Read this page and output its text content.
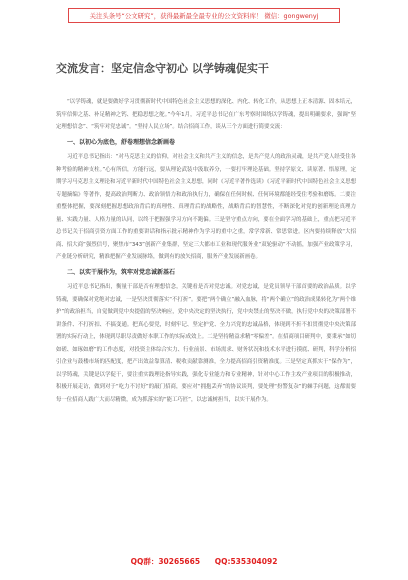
关注头条号“公文研究”，获得最新最全最专业的公文资料库！ 微信：gongwenyj
交流发言：坚定信念守初心 以学铸魂促实干

“以学铸魂，就是要做好学习贯彻新时代中国特色社会主义思想的深化、内化、转化工作，从思想上正本清源、固本培元，筑牢信仰之基、补足精神之钙、把稳思想之舵。”今年1月，习近平总书记在广东考察时围绕以学铸魂，提出明确要求，强调“坚定理想信念”、“筑牢对党忠诚”。“坚持人民立场”。结合招商工作，谈从三个方面进行简要交流：

一、以初心为底色，舒卷理想信念新画卷

习近平总书记指出：“对马克思主义的信仰，对社会主义和共产主义的信念，是共产党人的政治灵魂，是共产党人经受住各种考验的精神支柱。”心有所信，方能行远，要从理论武装中汲取养分，一要打牢理论基础。坚持学原文、读原著、悟原理，定期学习马克思主义理论和习近平新时代中国特色社会主义思想，同时《习近平著作选读》《习近平新时代中国特色社会主义思想专题摘编》等著作，提高政治判断力、政治领悟力和政治执行力，确保在任何时候、任何环境都能经受住考验和磨练。二要注重整体把握，要深刻把握思想政治背后的真理性、真理背后的战略性，战略背后的智慧性，不断深化对党的创新理论真理力量、实践力量、人格力量的认同，以终于把握强学习方向不跑偏。三是坚守重点方向，要在全面学习的基础上，重点把习近平总书记关于招商引资方面工作的重要讲话和指示批示精神作为学习的重中之重，常学常新、常思常进。区内要持续释放“大招商、招大商”强烈信号，聚焦市“343”创新产业集群，坚定三大都市工业和现代服务业“双轮驱动”不动摇，加强产业政策学习，产业链分析研究，精准把握产业发展脉络，做到有的放矢招商，服务产业发展新画卷。

二、以实干展作为，筑牢对党忠诚新基石

习近平总书记指出，衡量干部是否有理想信念，关键看是否对党忠诚。对党忠诚，是党员领导干部首要的政治品质。以学铸魂，要确保对党绝对忠诚，一是坚决贯彻落实“不打折”。要把“两个确立”融入血脉，将“两个确立”的政治成果转化为“两个维护”的政治担当，自觉做到党中央提倡的坚决响应，党中央决定的坚决执行，党中央禁止的坚决不做，执行党中央的决策部署不讲条件、不打折扣、不搞变通。把真心要党，时刻牢记、坚定护党、全力兴党的忠诚品格，体现到不折不扣贯彻党中央决策部署的实际行动上，体现到尽职尽责做好本职工作的实际成效上。二是坚持精益求精“零偏差”。在招商项目研判中，要秉承“如切如磋、如琢如磨”的工作态度，对投资主体综合实力、行业前景、市场需求、财务状况和技术水平进行摸底、研判，科学分析招引企业与鼓楼市场的匹配度，把产出效益靠算清、税收贡献靠测准，全力提高招商引资精准度。三是坚定真抓实干“保作为”，以学铸魂，关键是以学促干，要注重实践理论指导实践，强化专业能力和专业精神，针对中心工作主攻产业项目的积极推动，积极开展走访，做到对于“吃力不讨好”的敲门招商，要应对“拥抱丢弃”的协议谈判，要处理“扮警复杂”的棘手问题，这都需要每一位招商人践广大而尽精微，成为抓落实的“能工巧匠”，以忠诚树担当，以实干展作为。

QQ群：30265665 QQ:535304092
